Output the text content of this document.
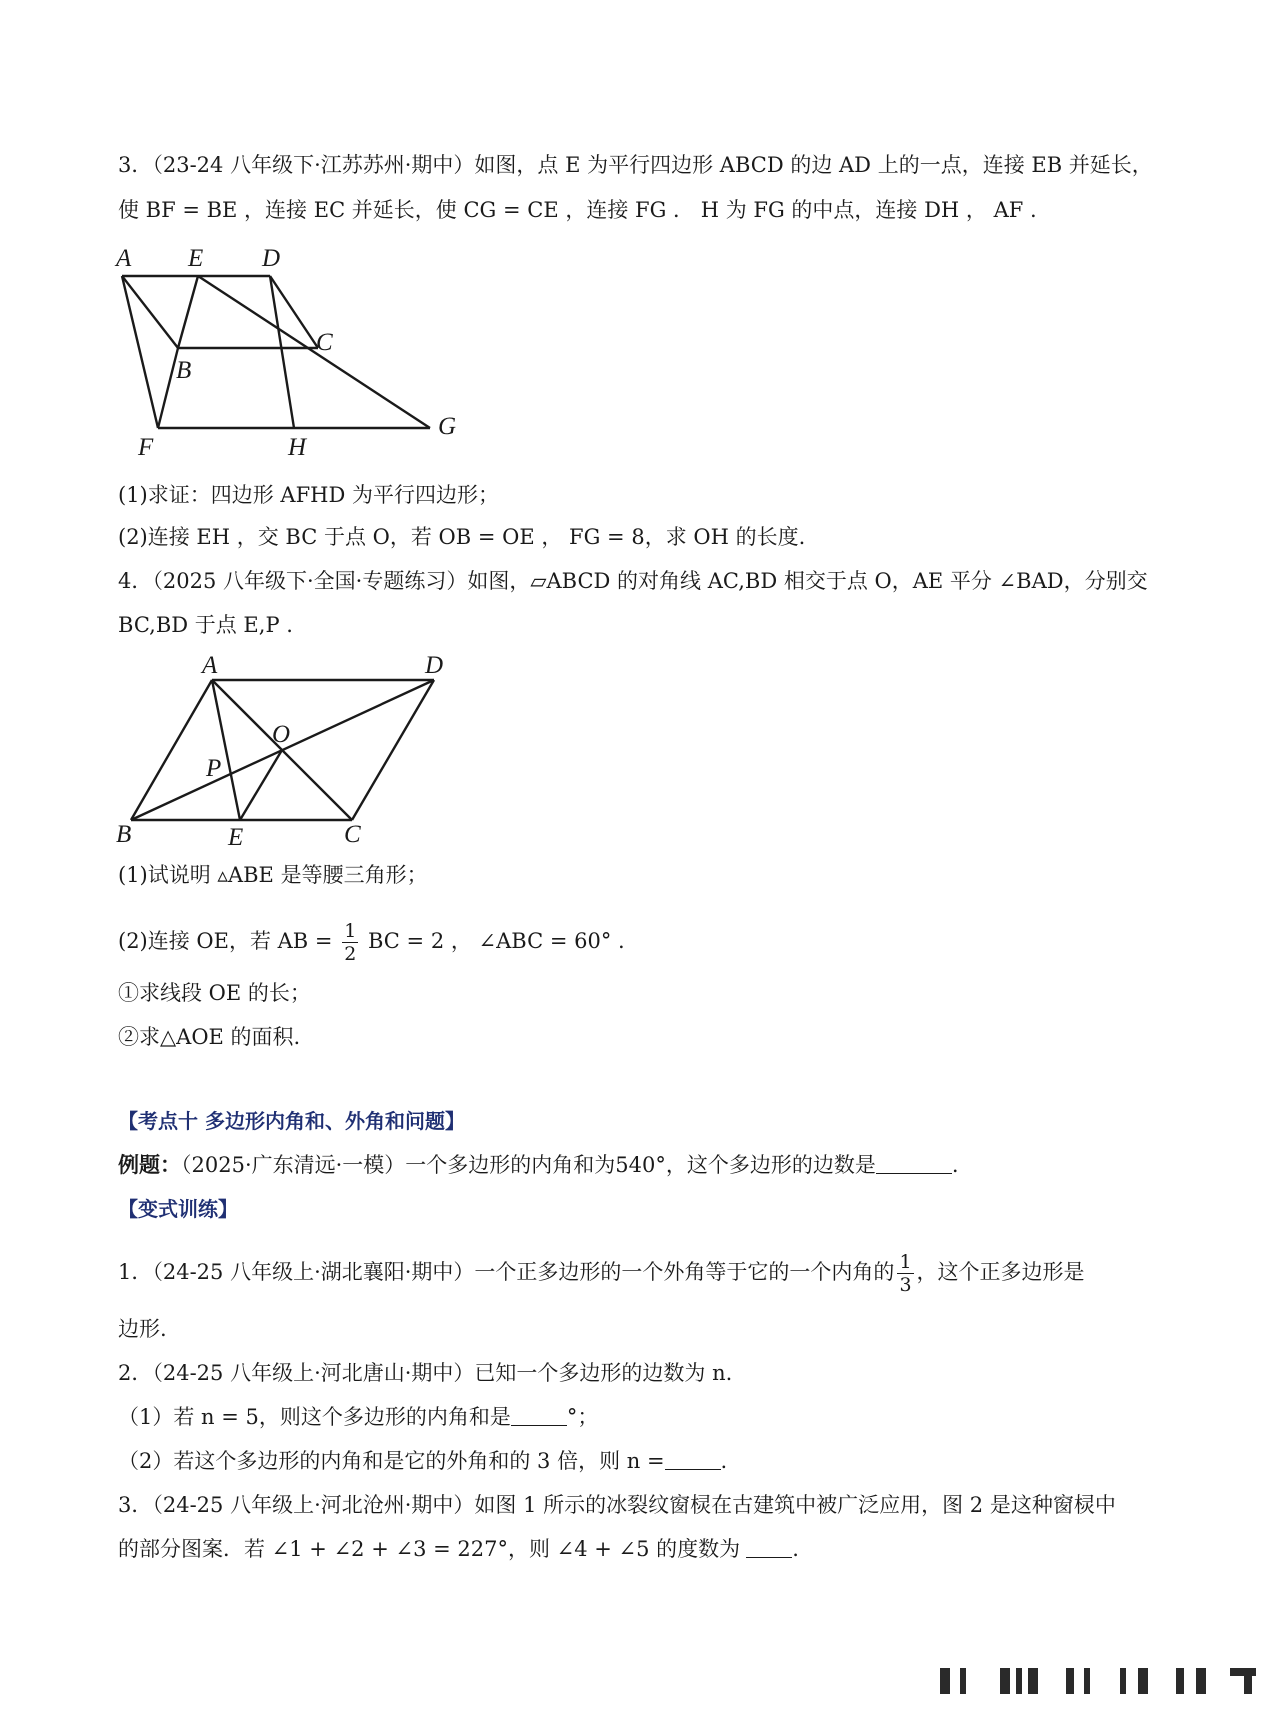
3．（23-24 八年级下·江苏苏州·期中）如图，点 E 为平行四边形 ABCD 的边 AD 上的一点，连接 EB 并延长，
使 BF = BE ，连接 EC 并延长，使 CG = CE ，连接 FG ． H 为 FG 的中点，连接 DH ， AF .
A E D
B
C
F	H
G
(1)求证：四边形 AFHD 为平行四边形；
(2)连接 EH ，交 BC 于点 O，若 OB = OE ， FG = 8，求 OH 的长度.
4．（2025 八年级下·全国·专题练习）如图，▱ABCD 的对角线 AC,BD 相交于点 O，AE 平分 ∠BAD，分别交
BC,BD 于点 E,P .
A	D
O
P
B	E	C
(1)试说明 ▵ABE 是等腰三角形；
(2)连接 OE，若 AB = $\frac{1}{2}$ BC = 2 ， ∠ABC = 60° .
①求线段 OE 的长；
②求△AOE 的面积.
【考点十 多边形内角和、外角和问题】
例题：（2025·广东清远·一模）一个多边形的内角和为540°，这个多边形的边数是	.
【变式训练】
1．（24-25 八年级上·湖北襄阳·期中）一个正多边形的一个外角等于它的一个内角的 $\frac{1}{3}$ ，这个正多边形是
边形.
2．（24-25 八年级上·河北唐山·期中）已知一个多边形的边数为 n.
（1）若 n = 5，则这个多边形的内角和是	°；
（2）若这个多边形的内角和是它的外角和的 3 倍，则 n =	.
3．（24-25 八年级上·河北沧州·期中）如图 1 所示的冰裂纹窗棂在古建筑中被广泛应用，图 2 是这种窗棂中
的部分图案．若 ∠1 + ∠2 + ∠3 = 227°，则 ∠4 + ∠5 的度数为 .
